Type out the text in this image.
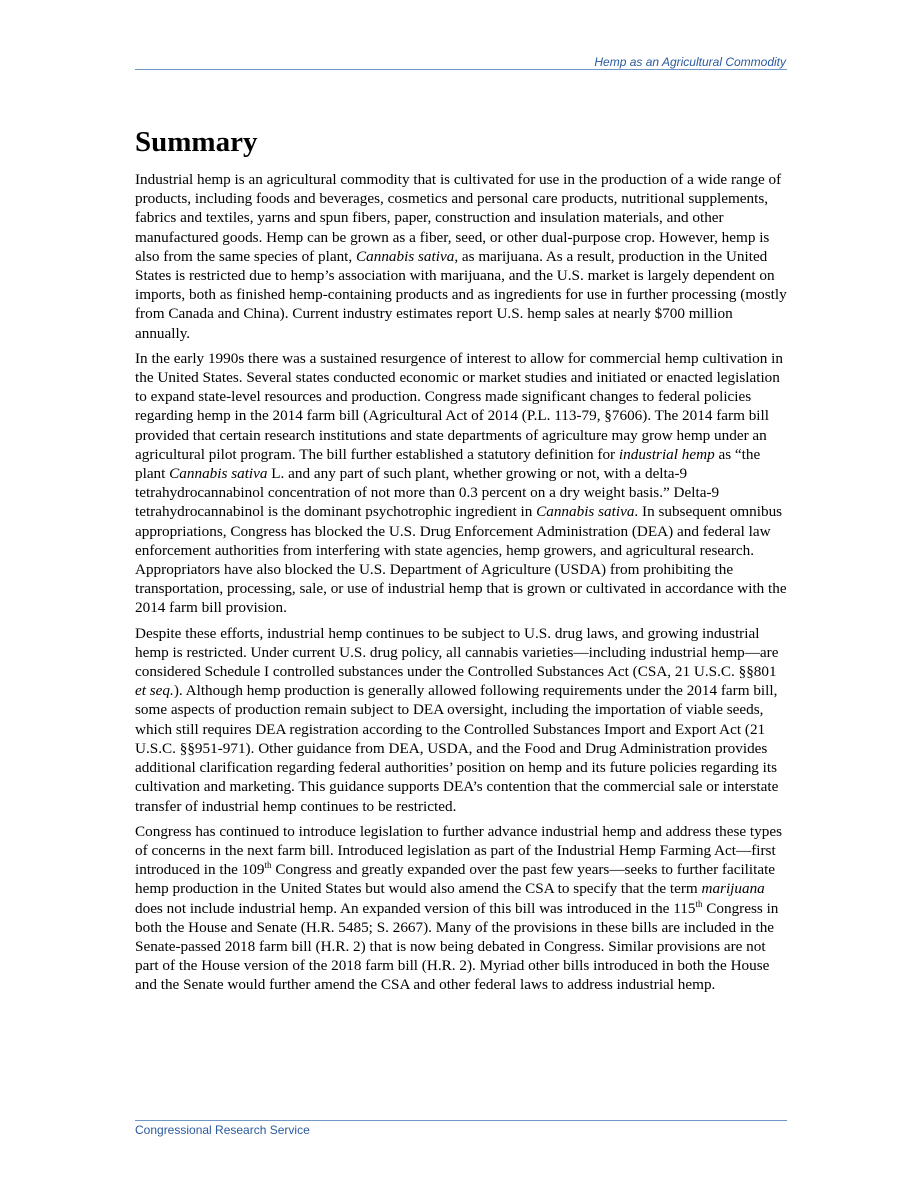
Hemp as an Agricultural Commodity
Summary

Industrial hemp is an agricultural commodity that is cultivated for use in the production of a wide range of products, including foods and beverages, cosmetics and personal care products, nutritional supplements, fabrics and textiles, yarns and spun fibers, paper, construction and insulation materials, and other manufactured goods. Hemp can be grown as a fiber, seed, or other dual-purpose crop. However, hemp is also from the same species of plant, Cannabis sativa, as marijuana. As a result, production in the United States is restricted due to hemp’s association with marijuana, and the U.S. market is largely dependent on imports, both as finished hemp-containing products and as ingredients for use in further processing (mostly from Canada and China). Current industry estimates report U.S. hemp sales at nearly $700 million annually.

In the early 1990s there was a sustained resurgence of interest to allow for commercial hemp cultivation in the United States. Several states conducted economic or market studies and initiated or enacted legislation to expand state-level resources and production. Congress made significant changes to federal policies regarding hemp in the 2014 farm bill (Agricultural Act of 2014 (P.L. 113-79, §7606). The 2014 farm bill provided that certain research institutions and state departments of agriculture may grow hemp under an agricultural pilot program. The bill further established a statutory definition for industrial hemp as “the plant Cannabis sativa L. and any part of such plant, whether growing or not, with a delta-9 tetrahydrocannabinol concentration of not more than 0.3 percent on a dry weight basis.” Delta-9 tetrahydrocannabinol is the dominant psychotrophic ingredient in Cannabis sativa. In subsequent omnibus appropriations, Congress has blocked the U.S. Drug Enforcement Administration (DEA) and federal law enforcement authorities from interfering with state agencies, hemp growers, and agricultural research. Appropriators have also blocked the U.S. Department of Agriculture (USDA) from prohibiting the transportation, processing, sale, or use of industrial hemp that is grown or cultivated in accordance with the 2014 farm bill provision.

Despite these efforts, industrial hemp continues to be subject to U.S. drug laws, and growing industrial hemp is restricted. Under current U.S. drug policy, all cannabis varieties—including industrial hemp—are considered Schedule I controlled substances under the Controlled Substances Act (CSA, 21 U.S.C. §§801 et seq.). Although hemp production is generally allowed following requirements under the 2014 farm bill, some aspects of production remain subject to DEA oversight, including the importation of viable seeds, which still requires DEA registration according to the Controlled Substances Import and Export Act (21 U.S.C. §§951-971). Other guidance from DEA, USDA, and the Food and Drug Administration provides additional clarification regarding federal authorities’ position on hemp and its future policies regarding its cultivation and marketing. This guidance supports DEA’s contention that the commercial sale or interstate transfer of industrial hemp continues to be restricted.

Congress has continued to introduce legislation to further advance industrial hemp and address these types of concerns in the next farm bill. Introduced legislation as part of the Industrial Hemp Farming Act—first introduced in the 109th Congress and greatly expanded over the past few years—seeks to further facilitate hemp production in the United States but would also amend the CSA to specify that the term marijuana does not include industrial hemp. An expanded version of this bill was introduced in the 115th Congress in both the House and Senate (H.R. 5485; S. 2667). Many of the provisions in these bills are included in the Senate-passed 2018 farm bill (H.R. 2) that is now being debated in Congress. Similar provisions are not part of the House version of the 2018 farm bill (H.R. 2). Myriad other bills introduced in both the House and the Senate would further amend the CSA and other federal laws to address industrial hemp.

Congressional Research Service
